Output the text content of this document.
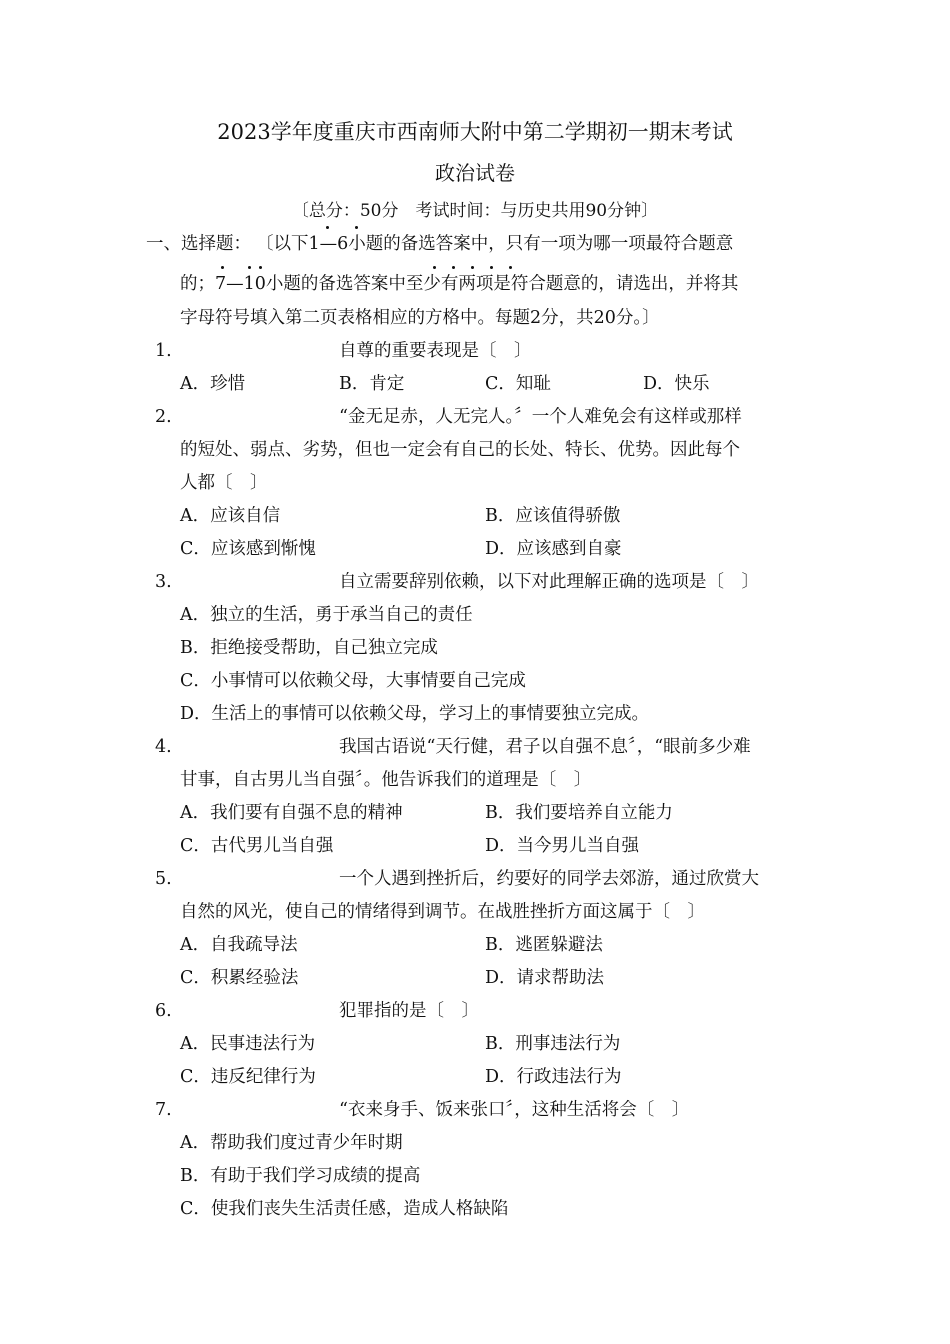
2023学年度重庆市西南师大附中第二学期初一期末考试
政治试卷
〔总分：50分　考试时间：与历史共用90分钟〕
一、选择题： 〔以下1—6小题的备选答案中，只有一项为哪一项最符合题意
的；7—10小题的备选答案中至少有两项是符合题意的，请选出，并将其
字母符号填入第二页表格相应的方格中。每题2分，共20分。〕
1.	自尊的重要表现是〔　〕
A．珍惜	B．肯定	C．知耻	D．快乐
2.	“金无足赤，人无完人。〞一个人难免会有这样或那样
的短处、弱点、劣势，但也一定会有自己的长处、特长、优势。因此每个
人都〔　〕
A．应该自信	B．应该值得骄傲
C．应该感到惭愧	D．应该感到自豪
3.	自立需要辞别依赖，以下对此理解正确的选项是〔　〕
A．独立的生活，勇于承当自己的责任
B．拒绝接受帮助，自己独立完成
C．小事情可以依赖父母，大事情要自己完成
D．生活上的事情可以依赖父母，学习上的事情要独立完成。
4.	我国古语说“天行健，君子以自强不息〞，“眼前多少难
甘事，自古男儿当自强〞。他告诉我们的道理是〔　〕
A．我们要有自强不息的精神	B．我们要培养自立能力
C．古代男儿当自强	D．当今男儿当自强
5.	一个人遇到挫折后，约要好的同学去郊游，通过欣赏大
自然的风光，使自己的情绪得到调节。在战胜挫折方面这属于〔　〕
A．自我疏导法	B．逃匿躲避法
C．积累经验法	D．请求帮助法
6.	犯罪指的是〔　〕
A．民事违法行为	B．刑事违法行为
C．违反纪律行为	D．行政违法行为
7.	“衣来身手、饭来张口〞，这种生活将会〔　〕
A．帮助我们度过青少年时期
B．有助于我们学习成绩的提高
C．使我们丧失生活责任感，造成人格缺陷
